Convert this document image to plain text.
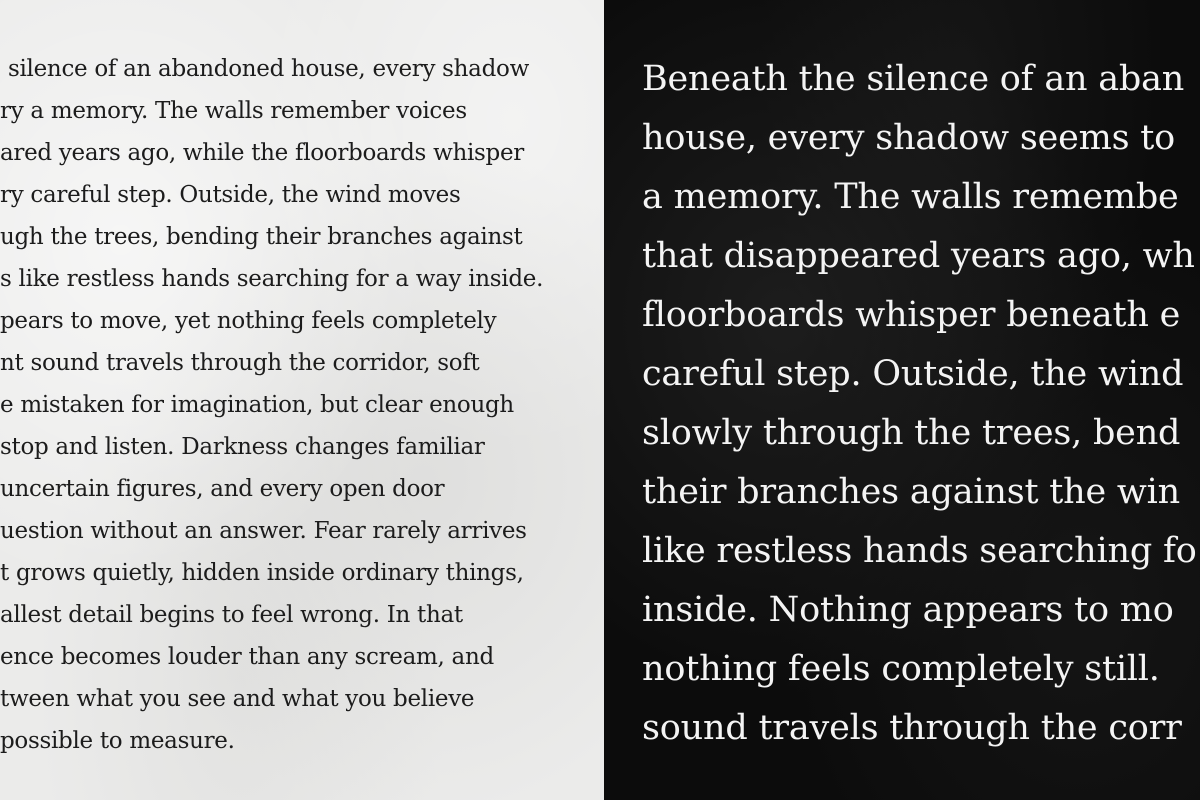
silence of an abandoned house, every shadow

ry a memory. The walls remember voices

ared years ago, while the floorboards whisper

ry careful step. Outside, the wind moves

ugh the trees, bending their branches against

s like restless hands searching for a way inside.

pears to move, yet nothing feels completely

nt sound travels through the corridor, soft

e mistaken for imagination, but clear enough

stop and listen. Darkness changes familiar

uncertain figures, and every open door

uestion without an answer. Fear rarely arrives

t grows quietly, hidden inside ordinary things,

allest detail begins to feel wrong. In that

ence becomes louder than any scream, and

tween what you see and what you believe

possible to measure.

Beneath the silence of an aban

house, every shadow seems to

a memory. The walls remembe

that disappeared years ago, wh

floorboards whisper beneath e

careful step. Outside, the wind

slowly through the trees, bend

their branches against the win

like restless hands searching fo

inside. Nothing appears to mo

nothing feels completely still.

sound travels through the corr
